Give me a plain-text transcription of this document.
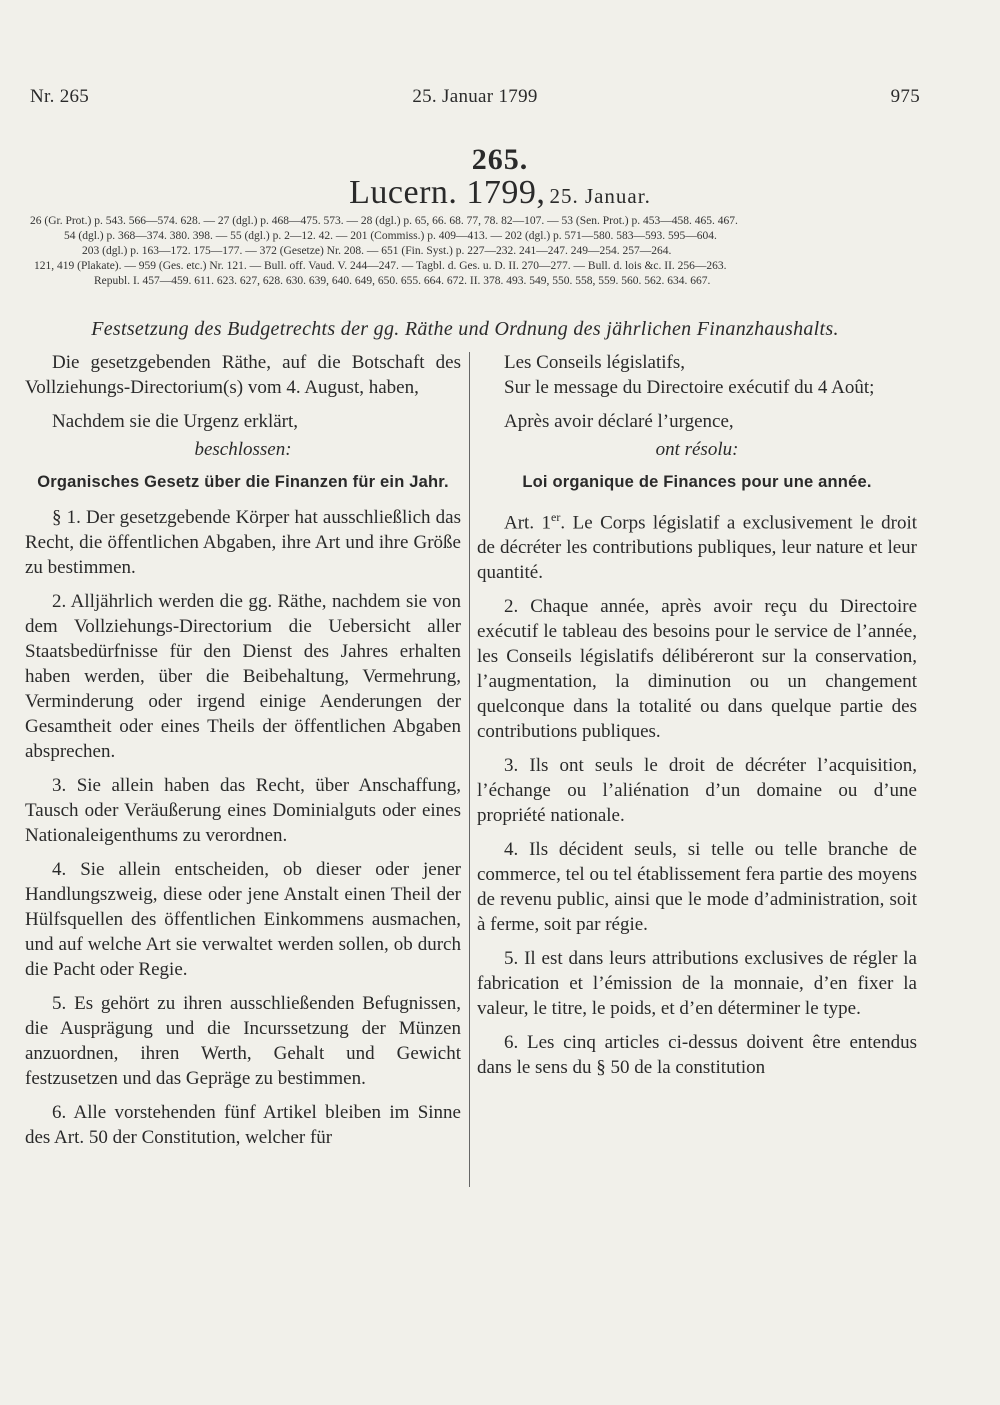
Nr. 265	25. Januar 1799	975
265.
Lucern. 1799, 25. Januar.

26 (Gr. Prot.) p. 543. 566—574. 628. — 27 (dgl.) p. 468—475. 573. — 28 (dgl.) p. 65, 66. 68. 77, 78. 82—107. — 53 (Sen. Prot.) p. 453—458. 465. 467.

54 (dgl.) p. 368—374. 380. 398. — 55 (dgl.) p. 2—12. 42. — 201 (Commiss.) p. 409—413. — 202 (dgl.) p. 571—580. 583—593. 595—604.

203 (dgl.) p. 163—172. 175—177. — 372 (Gesetze) Nr. 208. — 651 (Fin. Syst.) p. 227—232. 241—247. 249—254. 257—264.

121, 419 (Plakate). — 959 (Ges. etc.) Nr. 121. — Bull. off. Vaud. V. 244—247. — Tagbl. d. Ges. u. D. II. 270—277. — Bull. d. lois &c. II. 256—263.

Republ. I. 457—459. 611. 623. 627, 628. 630. 639, 640. 649, 650. 655. 664. 672. II. 378. 493. 549, 550. 558, 559. 560. 562. 634. 667.

Festsetzung des Budgetrechts der gg. Räthe und Ordnung des jährlichen Finanzhaushalts.

Die gesetzgebenden Räthe, auf die Botschaft des Vollziehungs-Directorium(s) vom 4. August, haben,

Nachdem sie die Urgenz erklärt,

beschlossen:

Organisches Gesetz über die Finanzen für ein Jahr.

§ 1. Der gesetzgebende Körper hat ausschließlich das Recht, die öffentlichen Abgaben, ihre Art und ihre Größe zu bestimmen.

2. Alljährlich werden die gg. Räthe, nachdem sie von dem Vollziehungs-Directorium die Uebersicht aller Staatsbedürfnisse für den Dienst des Jahres erhalten haben werden, über die Beibehaltung, Vermehrung, Verminderung oder irgend einige Aenderungen der Gesamtheit oder eines Theils der öffentlichen Abgaben absprechen.

3. Sie allein haben das Recht, über Anschaffung, Tausch oder Veräußerung eines Dominialguts oder eines Nationaleigenthums zu verordnen.

4. Sie allein entscheiden, ob dieser oder jener Handlungszweig, diese oder jene Anstalt einen Theil der Hülfsquellen des öffentlichen Einkommens ausmachen, und auf welche Art sie verwaltet werden sollen, ob durch die Pacht oder Regie.

5. Es gehört zu ihren ausschließenden Befugnissen, die Ausprägung und die Incurssetzung der Münzen anzuordnen, ihren Werth, Gehalt und Gewicht festzusetzen und das Gepräge zu bestimmen.

6. Alle vorstehenden fünf Artikel bleiben im Sinne des Art. 50 der Constitution, welcher für

Les Conseils législatifs,

Sur le message du Directoire exécutif du 4 Août;

Après avoir déclaré l’urgence,

ont résolu:

Loi organique de Finances pour une année.

Art. 1er. Le Corps législatif a exclusivement le droit de décréter les contributions publiques, leur nature et leur quantité.

2. Chaque année, après avoir reçu du Directoire exécutif le tableau des besoins pour le service de l’année, les Conseils législatifs délibéreront sur la conservation, l’augmentation, la diminution ou un changement quelconque dans la totalité ou dans quelque partie des contributions publiques.

3. Ils ont seuls le droit de décréter l’acquisition, l’échange ou l’aliénation d’un domaine ou d’une propriété nationale.

4. Ils décident seuls, si telle ou telle branche de commerce, tel ou tel établissement fera partie des moyens de revenu public, ainsi que le mode d’administration, soit à ferme, soit par régie.

5. Il est dans leurs attributions exclusives de régler la fabrication et l’émission de la monnaie, d’en fixer la valeur, le titre, le poids, et d’en déterminer le type.

6. Les cinq articles ci-dessus doivent être entendus dans le sens du § 50 de la constitution
